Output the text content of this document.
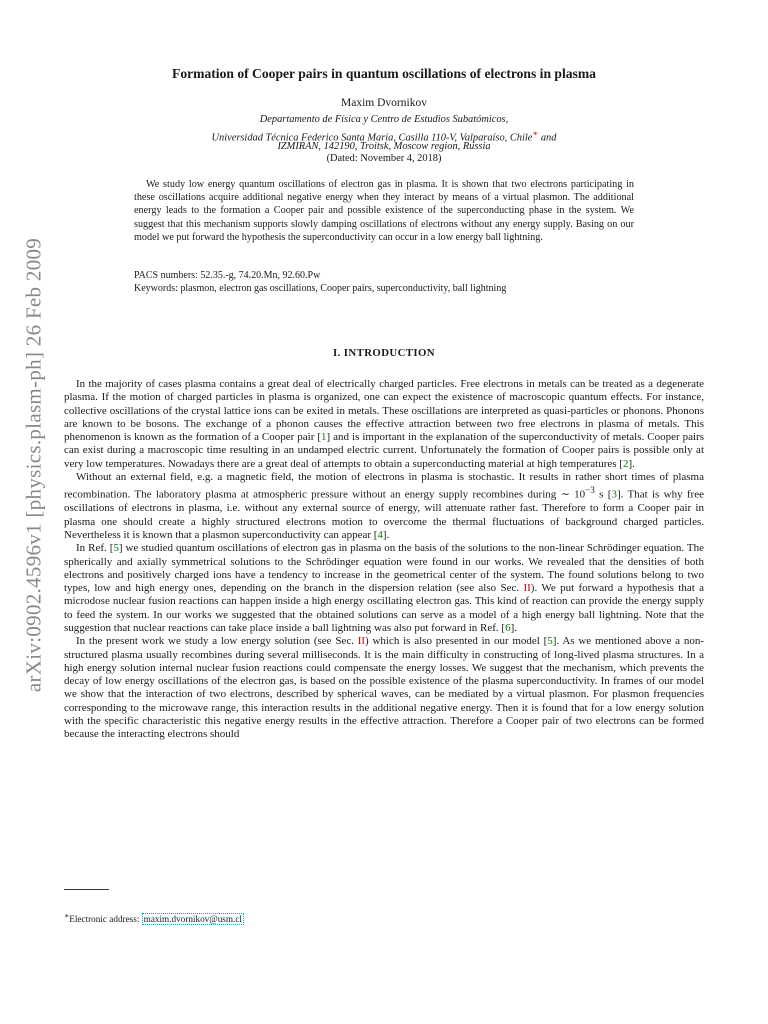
arXiv:0902.4596v1 [physics.plasm-ph] 26 Feb 2009
Formation of Cooper pairs in quantum oscillations of electrons in plasma
Maxim Dvornikov
Departamento de Física y Centro de Estudios Subatómicos,
Universidad Técnica Federico Santa María, Casilla 110-V, Valparaíso, Chile∗ and
IZMIRAN, 142190, Troitsk, Moscow region, Russia
(Dated: November 4, 2018)
We study low energy quantum oscillations of electron gas in plasma. It is shown that two electrons participating in these oscillations acquire additional negative energy when they interact by means of a virtual plasmon. The additional energy leads to the formation a Cooper pair and possible existence of the superconducting phase in the system. We suggest that this mechanism supports slowly damping oscillations of electrons without any energy supply. Basing on our model we put forward the hypothesis the superconductivity can occur in a low energy ball lightning.
PACS numbers: 52.35.-g, 74.20.Mn, 92.60.Pw
Keywords: plasmon, electron gas oscillations, Cooper pairs, superconductivity, ball lightning
I. INTRODUCTION

In the majority of cases plasma contains a great deal of electrically charged particles. Free electrons in metals can be treated as a degenerate plasma. If the motion of charged particles in plasma is organized, one can expect the existence of macroscopic quantum effects. For instance, collective oscillations of the crystal lattice ions can be exited in metals. These oscillations are interpreted as quasi-particles or phonons. Phonons are known to be bosons. The exchange of a phonon causes the effective attraction between two free electrons in plasma of metals. This phenomenon is known as the formation of a Cooper pair [1] and is important in the explanation of the superconductivity of metals. Cooper pairs can exist during a macroscopic time resulting in an undamped electric current. Unfortunately the formation of Cooper pairs is possible only at very low temperatures. Nowadays there are a great deal of attempts to obtain a superconducting material at high temperatures [2].

Without an external field, e.g. a magnetic field, the motion of electrons in plasma is stochastic. It results in rather short times of plasma recombination. The laboratory plasma at atmospheric pressure without an energy supply recombines during ∼ $10^{-3}$ s [3]. That is why free oscillations of electrons in plasma, i.e. without any external source of energy, will attenuate rather fast. Therefore to form a Cooper pair in plasma one should create a highly structured electrons motion to overcome the thermal fluctuations of background charged particles. Nevertheless it is known that a plasmon superconductivity can appear [4].

In Ref. [5] we studied quantum oscillations of electron gas in plasma on the basis of the solutions to the non-linear Schrödinger equation. The spherically and axially symmetrical solutions to the Schrödinger equation were found in our works. We revealed that the densities of both electrons and positively charged ions have a tendency to increase in the geometrical center of the system. The found solutions belong to two types, low and high energy ones, depending on the branch in the dispersion relation (see also Sec. II). We put forward a hypothesis that a microdose nuclear fusion reactions can happen inside a high energy oscillating electron gas. This kind of reaction can provide the energy supply to feed the system. In our works we suggested that the obtained solutions can serve as a model of a high energy ball lightning. Note that the suggestion that nuclear reactions can take place inside a ball lightning was also put forward in Ref. [6].

In the present work we study a low energy solution (see Sec. II) which is also presented in our model [5]. As we mentioned above a non-structured plasma usually recombines during several milliseconds. It is the main difficulty in constructing of long-lived plasma structures. In a high energy solution internal nuclear fusion reactions could compensate the energy losses. We suggest that the mechanism, which prevents the decay of low energy oscillations of the electron gas, is based on the possible existence of the plasma superconductivity. In frames of our model we show that the interaction of two electrons, described by spherical waves, can be mediated by a virtual plasmon. For plasmon frequencies corresponding to the microwave range, this interaction results in the additional negative energy. Then it is found that for a low energy solution with the specific characteristic this negative energy results in the effective attraction. Therefore a Cooper pair of two electrons can be formed because the interacting electrons should

∗Electronic address: maxim.dvornikov@usm.cl
